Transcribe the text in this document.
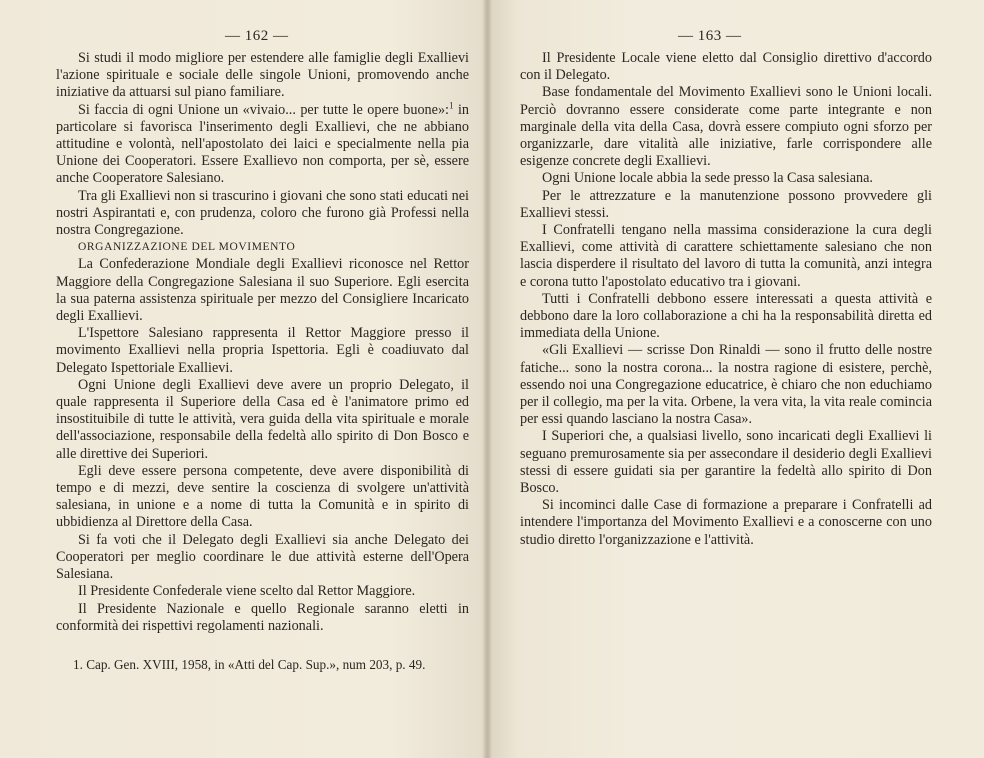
— 162 —

Si studi il modo migliore per estendere alle famiglie degli Exallievi l'azione spirituale e sociale delle singole Unioni, promovendo anche iniziative da attuarsi sul piano familiare.

Si faccia di ogni Unione un «vivaio... per tutte le opere buone»:$^1$ in particolare si favorisca l'inserimento degli Exallievi, che ne abbiano attitudine e volontà, nell'apostolato dei laici e specialmente nella pia Unione dei Cooperatori. Essere Exallievo non comporta, per sè, essere anche Cooperatore Salesiano.

Tra gli Exallievi non si trascurino i giovani che sono stati educati nei nostri Aspirantati e, con prudenza, coloro che furono già Professi nella nostra Congregazione.

ORGANIZZAZIONE DEL MOVIMENTO

La Confederazione Mondiale degli Exallievi riconosce nel Rettor Maggiore della Congregazione Salesiana il suo Superiore. Egli esercita la sua paterna assistenza spirituale per mezzo del Consigliere Incaricato degli Exallievi.

L'Ispettore Salesiano rappresenta il Rettor Maggiore presso il movimento Exallievi nella propria Ispettoria. Egli è coadiuvato dal Delegato Ispettoriale Exallievi.

Ogni Unione degli Exallievi deve avere un proprio Delegato, il quale rappresenta il Superiore della Casa ed è l'animatore primo ed insostituibile di tutte le attività, vera guida della vita spirituale e morale dell'associazione, responsabile della fedeltà allo spirito di Don Bosco e alle direttive dei Superiori.

Egli deve essere persona competente, deve avere disponibilità di tempo e di mezzi, deve sentire la coscienza di svolgere un'attività salesiana, in unione e a nome di tutta la Comunità e in spirito di ubbidienza al Direttore della Casa.

Si fa voti che il Delegato degli Exallievi sia anche Delegato dei Cooperatori per meglio coordinare le due attività esterne dell'Opera Salesiana.

Il Presidente Confederale viene scelto dal Rettor Maggiore.

Il Presidente Nazionale e quello Regionale saranno eletti in conformità dei rispettivi regolamenti nazionali.

1. Cap. Gen. XVIII, 1958, in «Atti del Cap. Sup.», num 203, p. 49.
— 163 —

Il Presidente Locale viene eletto dal Consiglio direttivo d'accordo con il Delegato.

Base fondamentale del Movimento Exallievi sono le Unioni locali. Perciò dovranno essere considerate come parte integrante e non marginale della vita della Casa, dovrà essere compiuto ogni sforzo per organizzarle, dare vitalità alle iniziative, farle corrispondere alle esigenze concrete degli Exallievi.

Ogni Unione locale abbia la sede presso la Casa salesiana.

Per le attrezzature e la manutenzione possono provvedere gli Exallievi stessi.

I Confratelli tengano nella massima considerazione la cura degli Exallievi, come attività di carattere schiettamente salesiano che non lascia disperdere il risultato del lavoro di tutta la comunità, anzi integra e corona tutto l'apostolato educativo tra i giovani.

Tutti i Confratelli debbono essere interessati a questa attività e debbono dare la loro collaborazione a chi ha la responsabilità diretta ed immediata della Unione.

«Gli Exallievi — scrisse Don Rinaldi — sono il frutto delle nostre fatiche... sono la nostra corona... la nostra ragione di esistere, perchè, essendo noi una Congregazione educatrice, è chiaro che non educhiamo per il collegio, ma per la vita. Orbene, la vera vita, la vita reale comincia per essi quando lasciano la nostra Casa».

I Superiori che, a qualsiasi livello, sono incaricati degli Exallievi li seguano premurosamente sia per assecondare il desiderio degli Exallievi stessi di essere guidati sia per garantire la fedeltà allo spirito di Don Bosco.

Si incominci dalle Case di formazione a preparare i Confratelli ad intendere l'importanza del Movimento Exallievi e a conoscerne con uno studio diretto l'organizzazione e l'attività.
